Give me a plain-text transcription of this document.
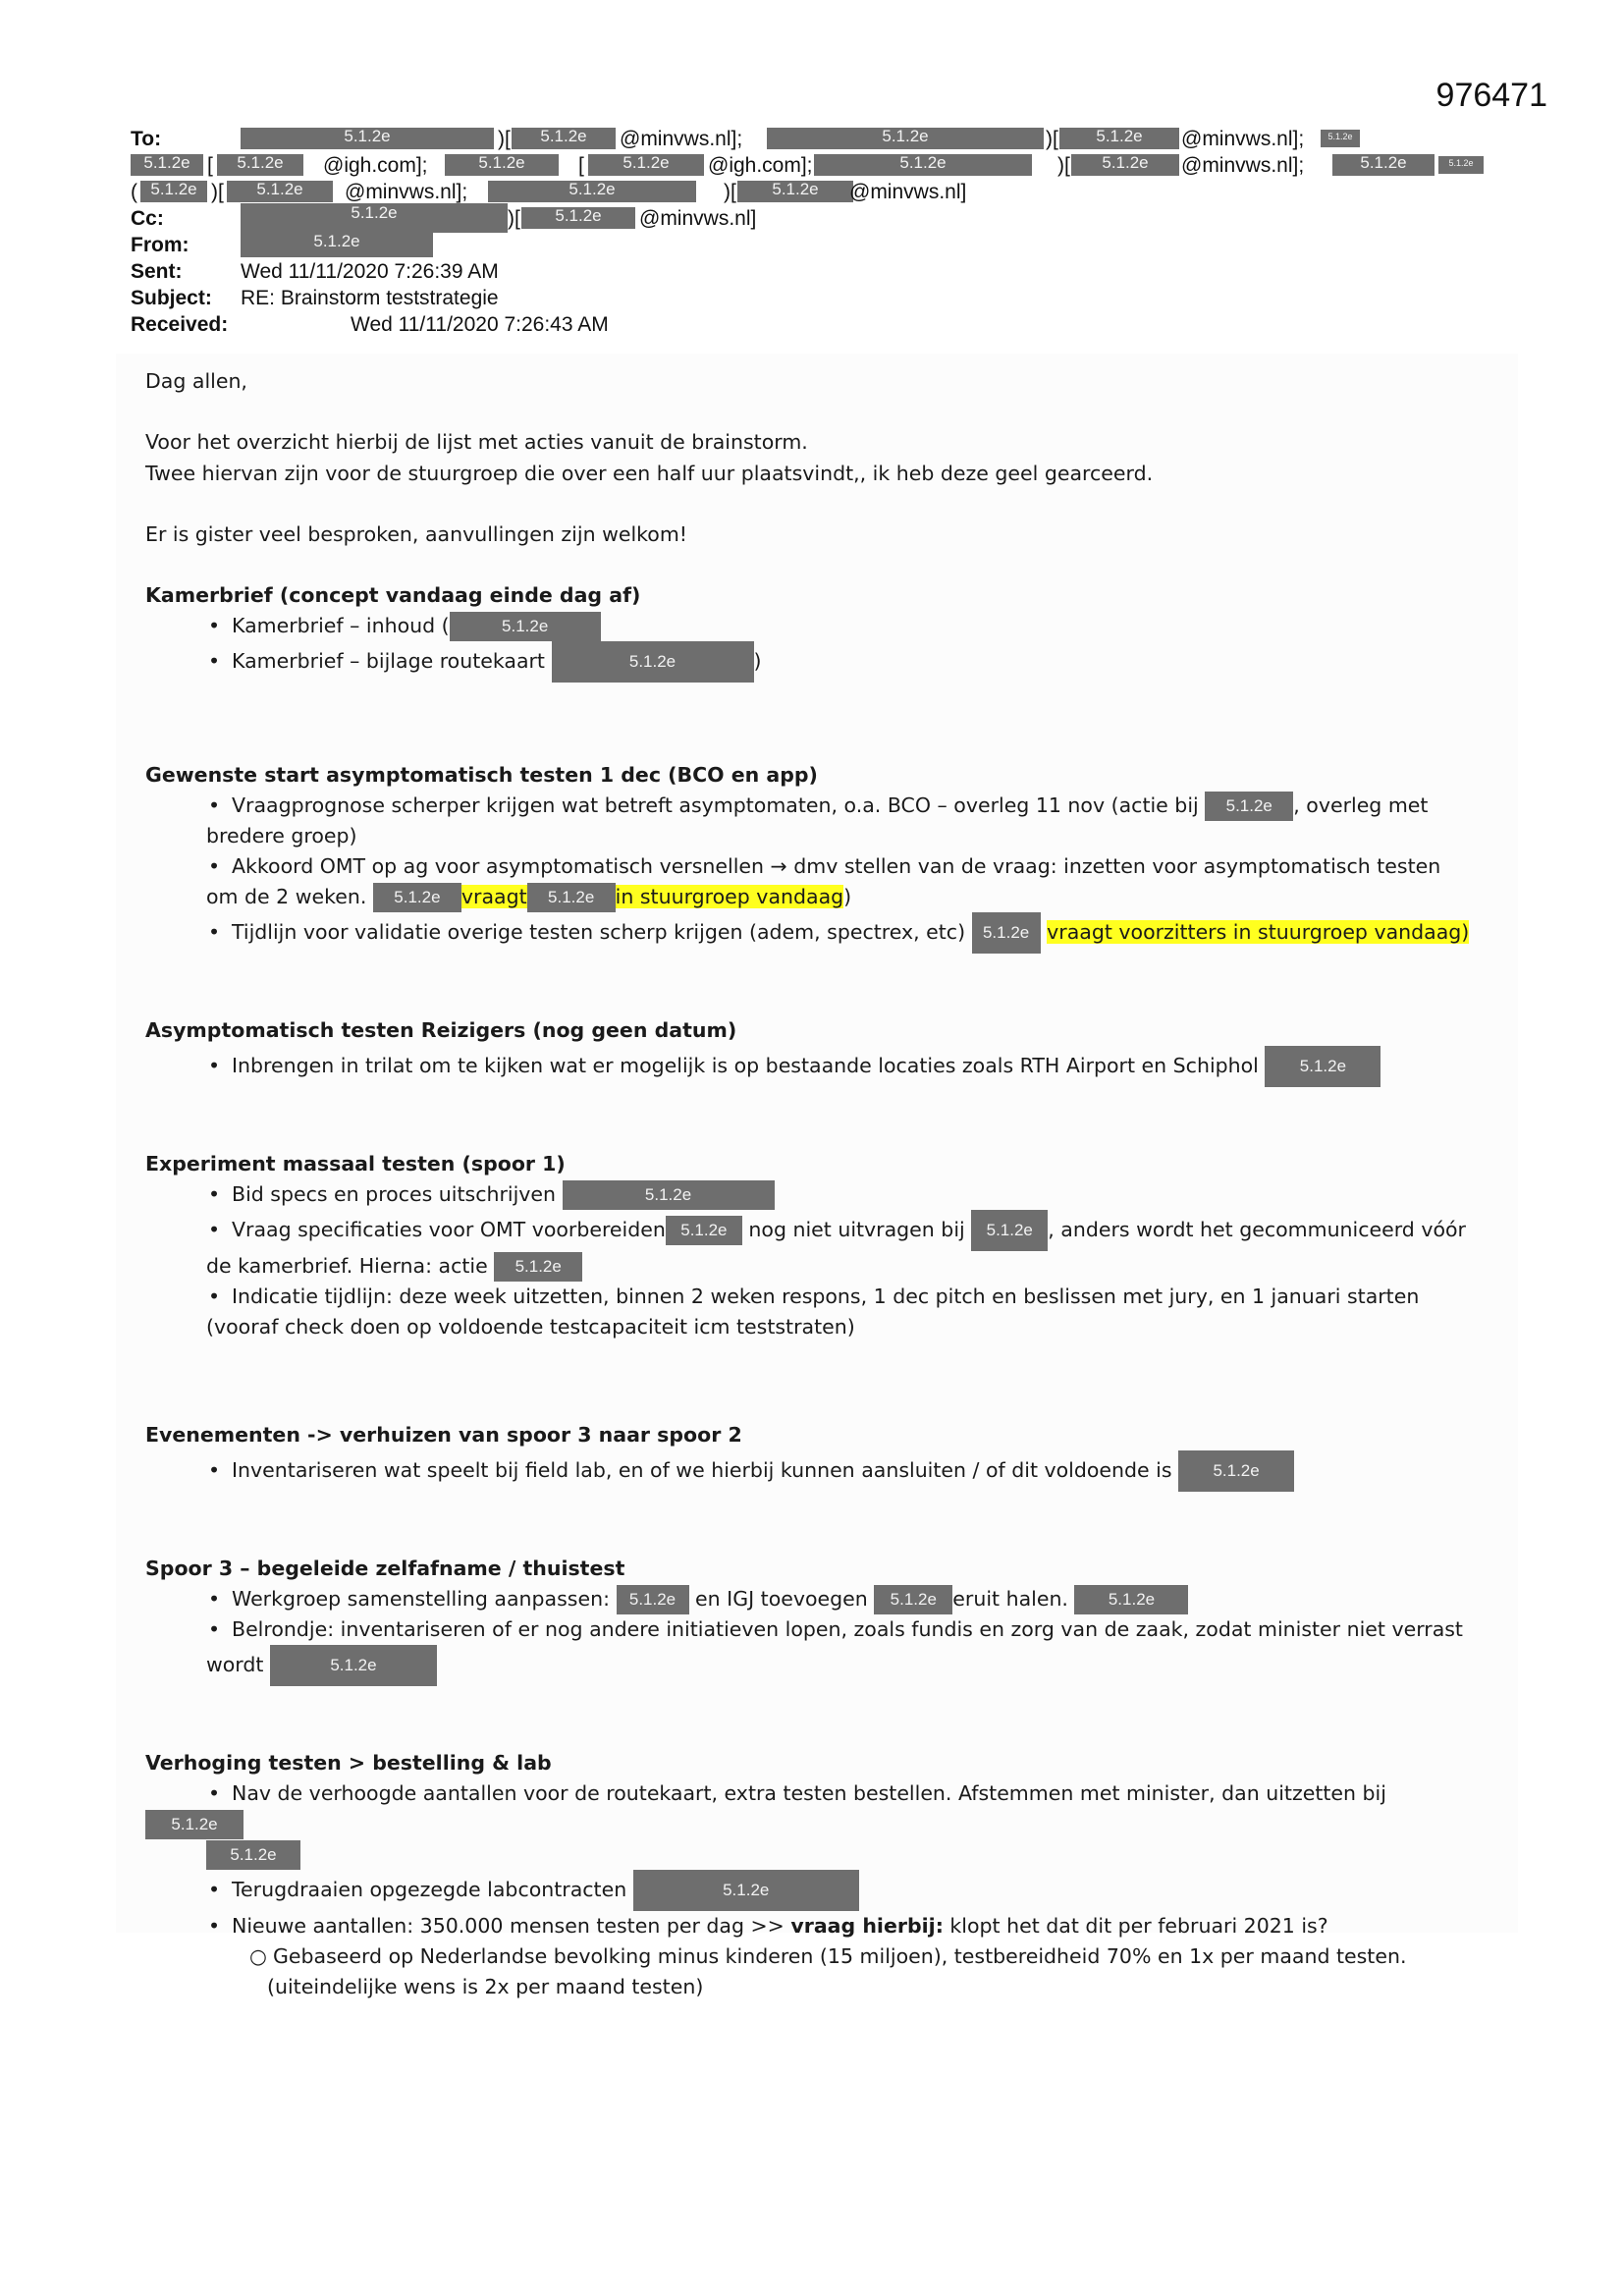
976471
To:	5.1.2e	)[	5.1.2e	@minvws.nl];	5.1.2e	)[	5.1.2e	@minvws.nl];	5.1.2e
5.1.2e [	5.1.2e	@igh.com];	5.1.2e	[	5.1.2e	@igh.com];	5.1.2e	)[	5.1.2e	@minvws.nl];	5.1.2e	5.1.2e
( 5.1.2e )[	5.1.2e	@minvws.nl];	5.1.2e	)[	5.1.2e	@minvws.nl]
Cc:	5.1.2e	)[	5.1.2e	@minvws.nl]
From:	5.1.2e
Sent:	Wed 11/11/2020 7:26:39 AM
Subject: RE: Brainstorm teststrategie
Received:	Wed 11/11/2020 7:26:43 AM

Dag allen,

Voor het overzicht hierbij de lijst met acties vanuit de brainstorm.

Twee hiervan zijn voor de stuurgroep die over een half uur plaatsvindt,, ik heb deze geel gearceerd.

Er is gister veel besproken, aanvullingen zijn welkom!

Kamerbrief (concept vandaag einde dag af)

• Kamerbrief – inhoud (	5.1.2e
• Kamerbrief – bijlage routekaart	5.1.2e	)

Gewenste start asymptomatisch testen 1 dec (BCO en app)

• Vraagprognose scherper krijgen wat betreft asymptomaten, o.a. BCO – overleg 11 nov (actie bij 5.1.2e , overleg met
bredere groep)
• Akkoord OMT op ag voor asymptomatisch versnellen → dmv stellen van de vraag: inzetten voor asymptomatisch testen
om de 2 weken. 5.1.2e vraagt 5.1.2e in stuurgroep vandaag)
• Tijdlijn voor validatie overige testen scherp krijgen (adem, spectrex, etc) 5.1.2e vraagt voorzitters in stuurgroep vandaag)

Asymptomatisch testen Reizigers (nog geen datum)

• Inbrengen in trilat om te kijken wat er mogelijk is op bestaande locaties zoals RTH Airport en Schiphol 5.1.2e

Experiment massaal testen (spoor 1)

• Bid specs en proces uitschrijven	5.1.2e
• Vraag specificaties voor OMT voorbereiden 5.1.2e nog niet uitvragen bij 5.1.2e , anders wordt het gecommuniceerd vóór
de kamerbrief. Hierna: actie 5.1.2e
• Indicatie tijdlijn: deze week uitzetten, binnen 2 weken respons, 1 dec pitch en beslissen met jury, en 1 januari starten
(vooraf check doen op voldoende testcapaciteit icm teststraten)

Evenementen -> verhuizen van spoor 3 naar spoor 2

• Inventariseren wat speelt bij field lab, en of we hierbij kunnen aansluiten / of dit voldoende is 5.1.2e

Spoor 3 – begeleide zelfafname / thuistest

• Werkgroep samenstelling aanpassen: 5.1.2e en IGJ toevoegen 5.1.2e eruit halen. 5.1.2e
• Belrondje: inventariseren of er nog andere initiatieven lopen, zoals fundis en zorg van de zaak, zodat minister niet verrast
wordt	5.1.2e

Verhoging testen > bestelling & lab

• Nav de verhoogde aantallen voor de routekaart, extra testen bestellen. Afstemmen met minister, dan uitzetten bij 5.1.2e
5.1.2e
• Terugdraaien opgezegde labcontracten	5.1.2e
• Nieuwe aantallen: 350.000 mensen testen per dag >> vraag hierbij: klopt het dat dit per februari 2021 is?
○ Gebaseerd op Nederlandse bevolking minus kinderen (15 miljoen), testbereidheid 70% en 1x per maand testen.
(uiteindelijke wens is 2x per maand testen)
